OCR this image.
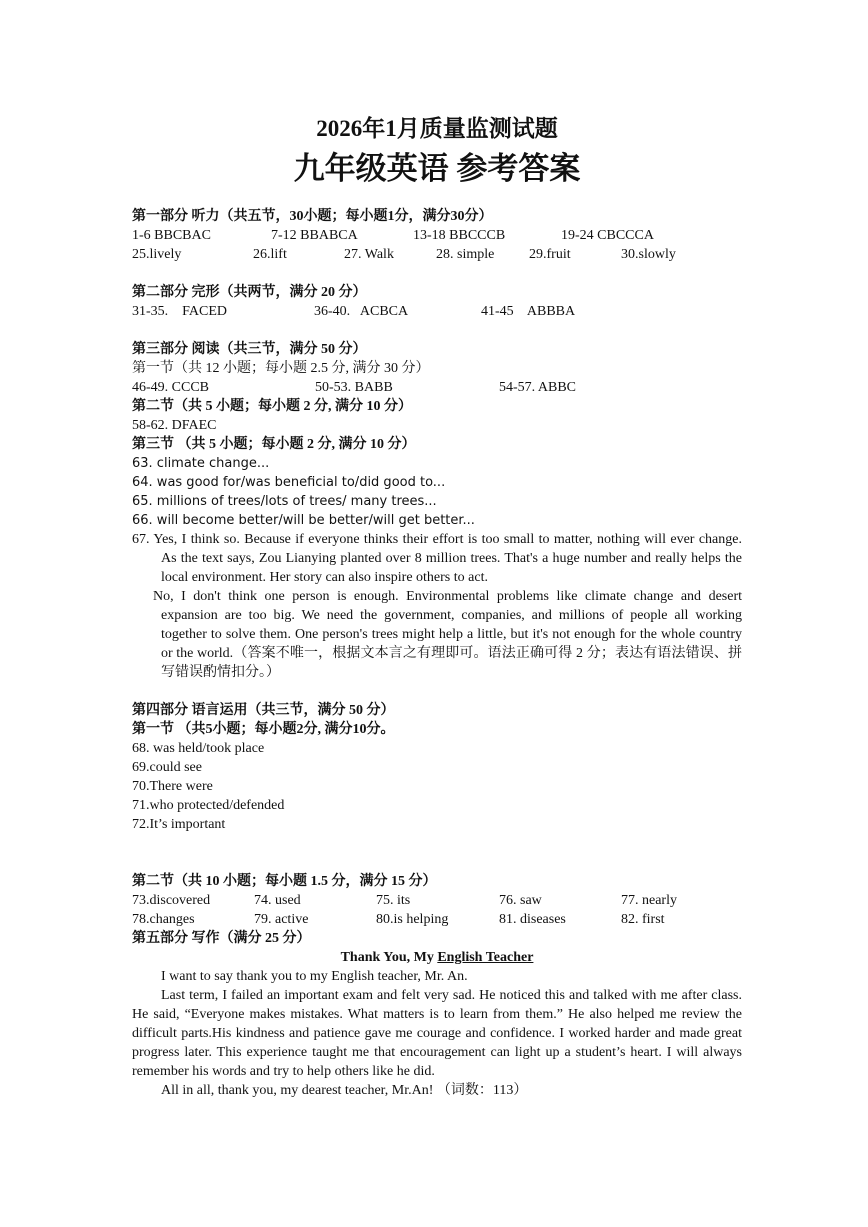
2026年1月质量监测试题
九年级英语 参考答案
第一部分 听力（共五节，30小题；每小题1分，满分30分）
1-6 BBCBAC	7-12 BBABCA	13-18 BBCCCB	19-24 CBCCCA
25.lively	26.lift	27. Walk	28. simple	29.fruit	30.slowly
第二部分 完形（共两节，满分 20 分）
31-35.    FACED	36-40.   ACBCA	41-45    ABBBA
第三部分 阅读（共三节，满分 50 分）
第一节（共 12 小题；每小题 2.5 分, 满分 30 分）
46-49. CCCB	50-53. BABB	54-57. ABBC
第二节（共 5 小题；每小题 2 分, 满分 10 分）
58-62. DFAEC
第三节 （共 5 小题；每小题 2 分, 满分 10 分）
63. climate change...
64. was good for/was beneficial to/did good to...
65. millions of trees/lots of trees/ many trees...
66. will become better/will be better/will get better...
67. Yes, I think so. Because if everyone thinks their effort is too small to matter, nothing will ever change. As the text says, Zou Lianying planted over 8 million trees. That's a huge number and really helps the local environment. Her story can also inspire others to act.
No, I don't think one person is enough. Environmental problems like climate change and desert expansion are too big. We need the government, companies, and millions of people all working together to solve them. One person's trees might help a little, but it's not enough for the whole country or the world.（答案不唯一，根据文本言之有理即可。语法正确可得 2 分；表达有语法错误、拼写错误酌情扣分。）
第四部分 语言运用（共三节，满分 50 分）
第一节 （共5小题；每小题2分, 满分10分。
68. was held/took place
69.could see
70.There were
71.who protected/defended
72.It’s important
第二节（共 10 小题；每小题 1.5 分，满分 15 分）
73.discovered	74. used	75. its	76. saw	77. nearly
78.changes	79. active	80.is helping	81. diseases	82. first
第五部分 写作（满分 25 分）
Thank You, My English Teacher
I want to say thank you to my English teacher, Mr. An.
Last term, I failed an important exam and felt very sad. He noticed this and talked with me after class. He said, “Everyone makes mistakes. What matters is to learn from them.” He also helped me review the difficult parts.His kindness and patience gave me courage and confidence. I worked harder and made great progress later. This experience taught me that encouragement can light up a student’s heart. I will always remember his words and try to help others like he did.
All in all, thank you, my dearest teacher, Mr.An! （词数：113）
